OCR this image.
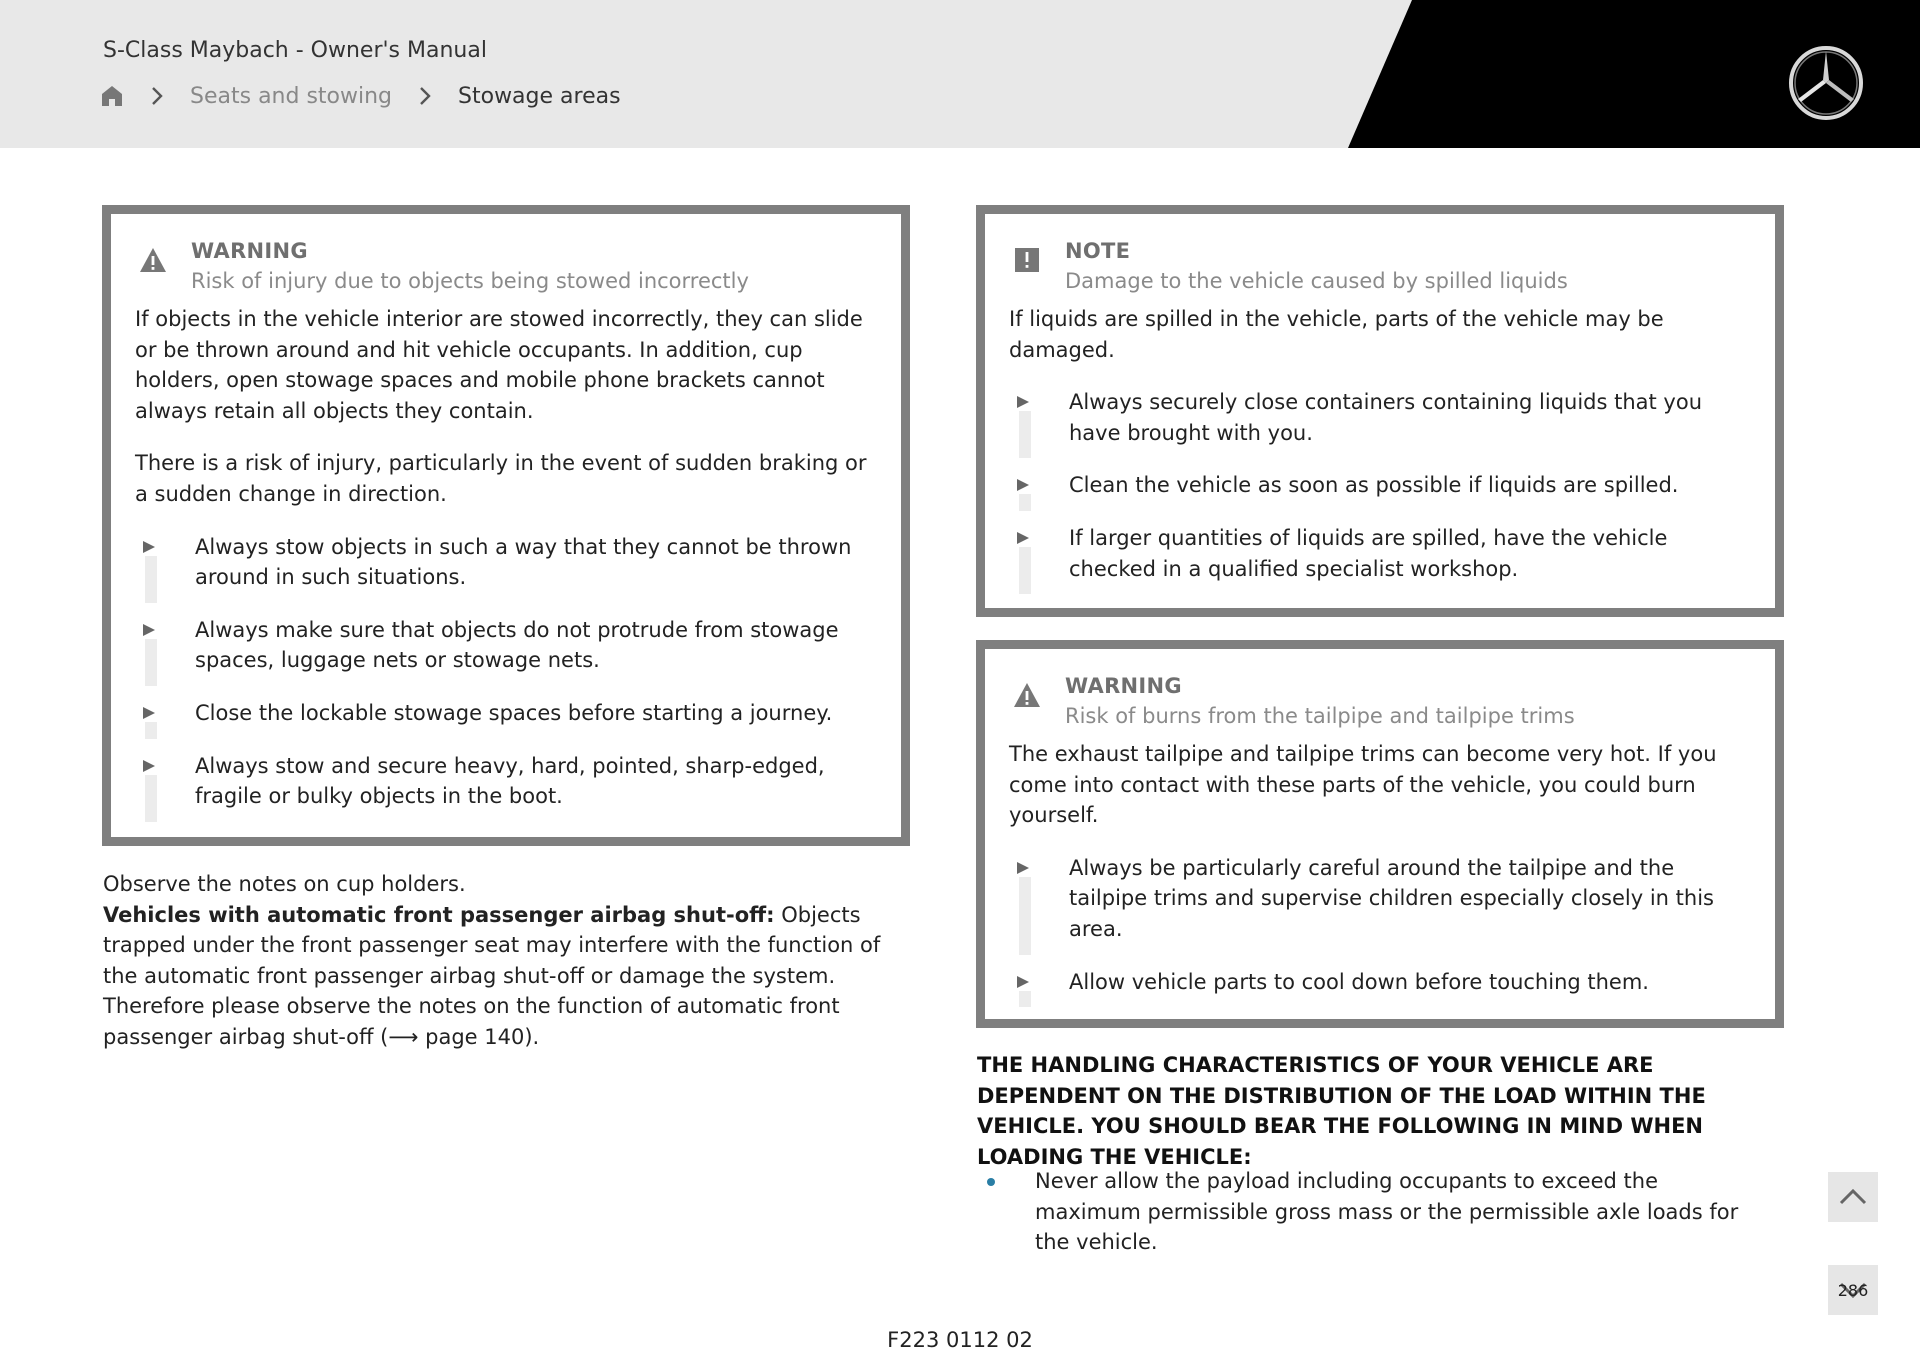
S-Class Maybach - Owner's Manual
Seats and stowing	Stowage areas
WARNING
Risk of injury due to objects being stowed incorrectly
If objects in the vehicle interior are stowed incorrectly, they can slide or be thrown around and hit vehicle occupants. In addition, cup holders, open stowage spaces and mobile phone brackets cannot always retain all objects they contain.
There is a risk of injury, particularly in the event of sudden braking or a sudden change in direction.
Always stow objects in such a way that they cannot be thrown around in such situations.
Always make sure that objects do not protrude from stowage spaces, luggage nets or stowage nets.
Close the lockable stowage spaces before starting a journey.
Always stow and secure heavy, hard, pointed, sharp-edged, fragile or bulky objects in the boot.
Observe the notes on cup holders.
Vehicles with automatic front passenger airbag shut-off: Objects trapped under the front passenger seat may interfere with the function of the automatic front passenger airbag shut-off or damage the system. Therefore please observe the notes on the function of automatic front passenger airbag shut-off (⟶ page 140).
NOTE
Damage to the vehicle caused by spilled liquids
If liquids are spilled in the vehicle, parts of the vehicle may be damaged.
Always securely close containers containing liquids that you have brought with you.
Clean the vehicle as soon as possible if liquids are spilled.
If larger quantities of liquids are spilled, have the vehicle checked in a qualified specialist workshop.
WARNING
Risk of burns from the tailpipe and tailpipe trims
The exhaust tailpipe and tailpipe trims can become very hot. If you come into contact with these parts of the vehicle, you could burn yourself.
Always be particularly careful around the tailpipe and the tailpipe trims and supervise children especially closely in this area.
Allow vehicle parts to cool down before touching them.
THE HANDLING CHARACTERISTICS OF YOUR VEHICLE ARE DEPENDENT ON THE DISTRIBUTION OF THE LOAD WITHIN THE VEHICLE. YOU SHOULD BEAR THE FOLLOWING IN MIND WHEN LOADING THE VEHICLE:
Never allow the payload including occupants to exceed the maximum permissible gross mass or the permissible axle loads for the vehicle.
F223 0112 02
286
